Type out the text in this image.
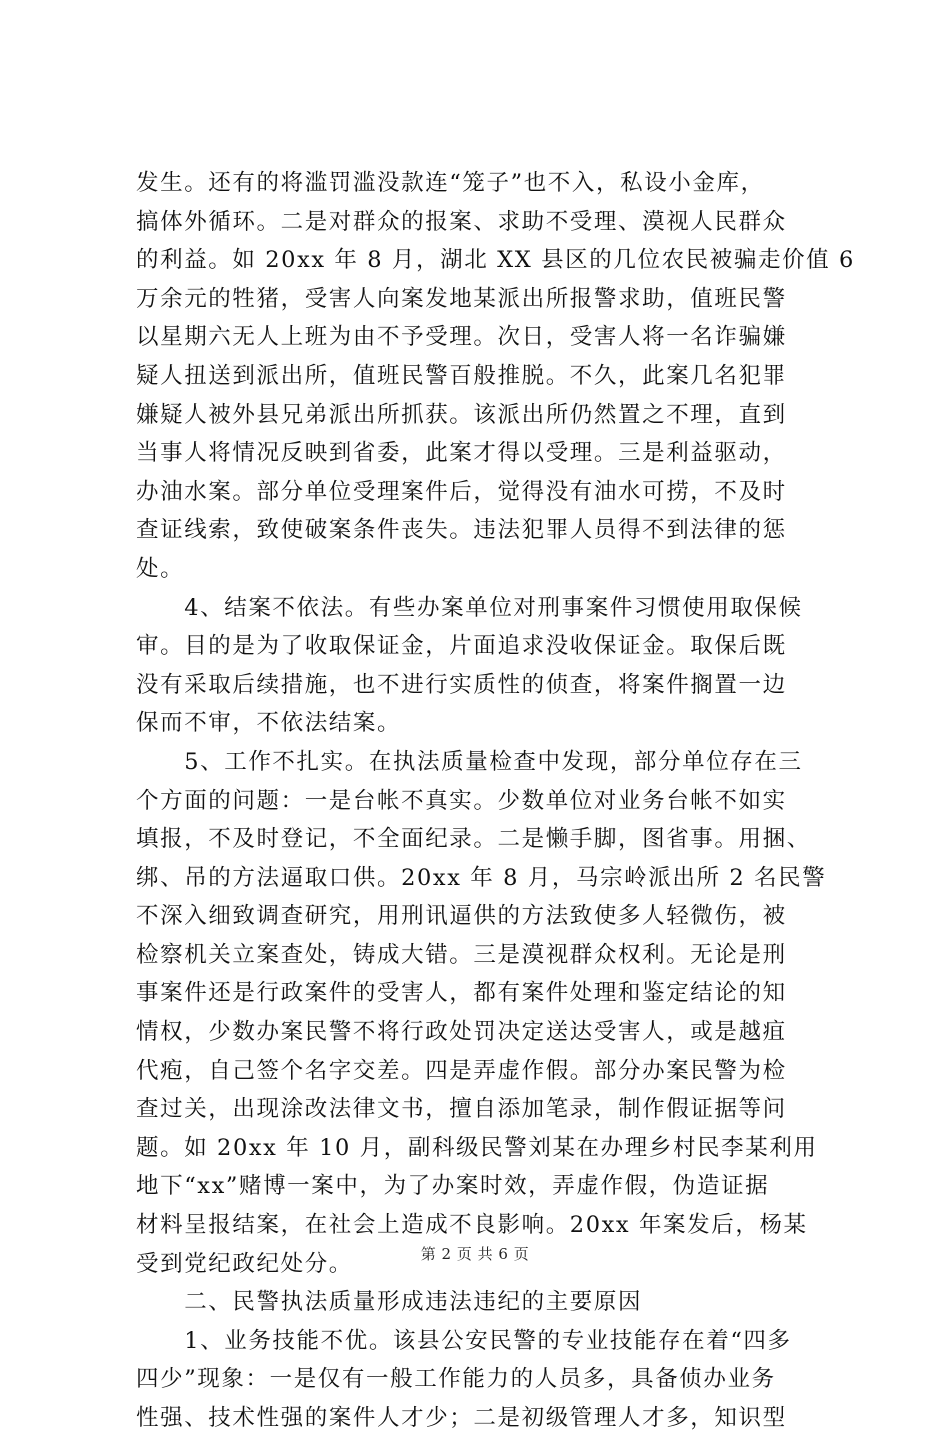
发生。还有的将滥罚滥没款连“笼子”也不入，私设小金库，
搞体外循环。二是对群众的报案、求助不受理、漠视人民群众
的利益。如 20xx 年 8 月，湖北 XX 县区的几位农民被骗走价值 6
万余元的牲猪，受害人向案发地某派出所报警求助，值班民警
以星期六无人上班为由不予受理。次日，受害人将一名诈骗嫌
疑人扭送到派出所，值班民警百般推脱。不久，此案几名犯罪
嫌疑人被外县兄弟派出所抓获。该派出所仍然置之不理，直到
当事人将情况反映到省委，此案才得以受理。三是利益驱动，
办油水案。部分单位受理案件后，觉得没有油水可捞，不及时
查证线索，致使破案条件丧失。违法犯罪人员得不到法律的惩
处。
　　4、结案不依法。有些办案单位对刑事案件习惯使用取保候
审。目的是为了收取保证金，片面追求没收保证金。取保后既
没有采取后续措施，也不进行实质性的侦查，将案件搁置一边
保而不审，不依法结案。
　　5、工作不扎实。在执法质量检查中发现，部分单位存在三
个方面的问题：一是台帐不真实。少数单位对业务台帐不如实
填报，不及时登记，不全面纪录。二是懒手脚，图省事。用捆、
绑、吊的方法逼取口供。20xx 年 8 月，马宗岭派出所 2 名民警
不深入细致调查研究，用刑讯逼供的方法致使多人轻微伤，被
检察机关立案查处，铸成大错。三是漠视群众权利。无论是刑
事案件还是行政案件的受害人，都有案件处理和鉴定结论的知
情权，少数办案民警不将行政处罚决定送达受害人，或是越疽
代疱，自己签个名字交差。四是弄虚作假。部分办案民警为检
查过关，出现涂改法律文书，擅自添加笔录，制作假证据等问
题。如 20xx 年 10 月，副科级民警刘某在办理乡村民李某利用
地下“xx”赌博一案中，为了办案时效，弄虚作假，伪造证据
材料呈报结案，在社会上造成不良影响。20xx 年案发后，杨某
受到党纪政纪处分。
　　二、民警执法质量形成违法违纪的主要原因
　　1、业务技能不优。该县公安民警的专业技能存在着“四多
四少”现象：一是仅有一般工作能力的人员多，具备侦办业务
性强、技术性强的案件人才少；二是初级管理人才多，知识型
第 2 页 共 6 页
